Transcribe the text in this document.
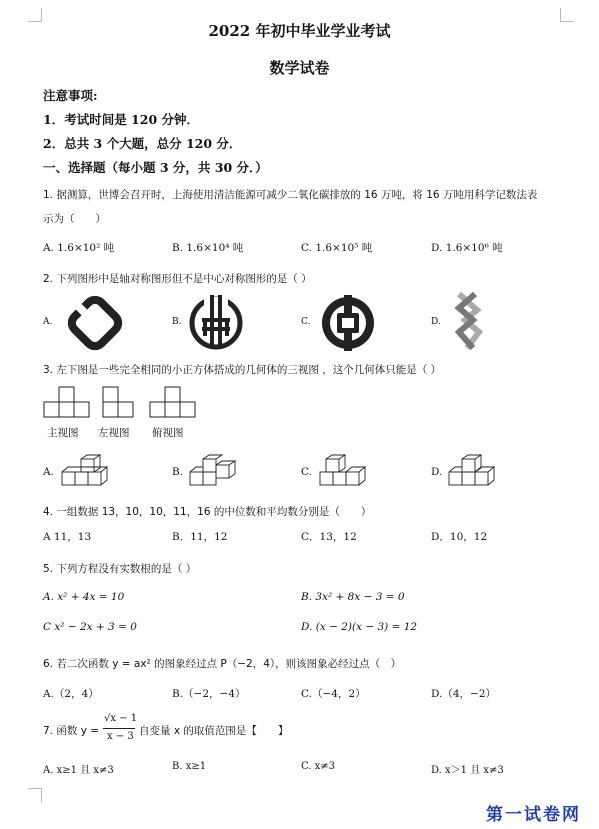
2022 年初中毕业学业考试
数学试卷
注意事项:
1．考试时间是 120 分钟．
2．总共 3 个大题，总分 120 分．
一、选择题（每小题 3 分，共 30 分．）
1. 据测算，世博会召开时，上海使用清洁能源可减少二氧化碳排放的 16 万吨，将 16 万吨用科学记数法表
示为（　　）
A. 1.6×10² 吨	B. 1.6×10⁴ 吨	C. 1.6×10⁵ 吨	D. 1.6×10⁶ 吨
2. 下列图形中是轴对称图形但不是中心对称图形的是（ ）
A.	B.	C.	D.
3. 左下图是一些完全相同的小正方体搭成的几何体的三视图 ，这个几何体只能是（ ）
主视图 左视图 俯视图
A.	B.	C.	D.
4. 一组数据 13，10，10，11，16 的中位数和平均数分别是（　　）
A 11，13	B．11，12	C．13，12	D．10，12
5. 下列方程没有实数根的是（ ）
A. x² + 4x = 10	B. 3x² + 8x − 3 = 0
C x² − 2x + 3 = 0	D. (x − 2)(x − 3) = 12
6. 若二次函数 y = ax² 的图象经过点 P（−2，4），则该图象必经过点（　）
A.（2，4）	B.（−2，−4）	C.（−4，2）	D.（4，−2）
7. 函数 y =
√x − 1
x − 3 自变量 x 的取值范围是【　　】
A. x≥1 且 x≠3	B. x≥1	C. x≠3	D. x＞1 且 x≠3
第一试卷网
